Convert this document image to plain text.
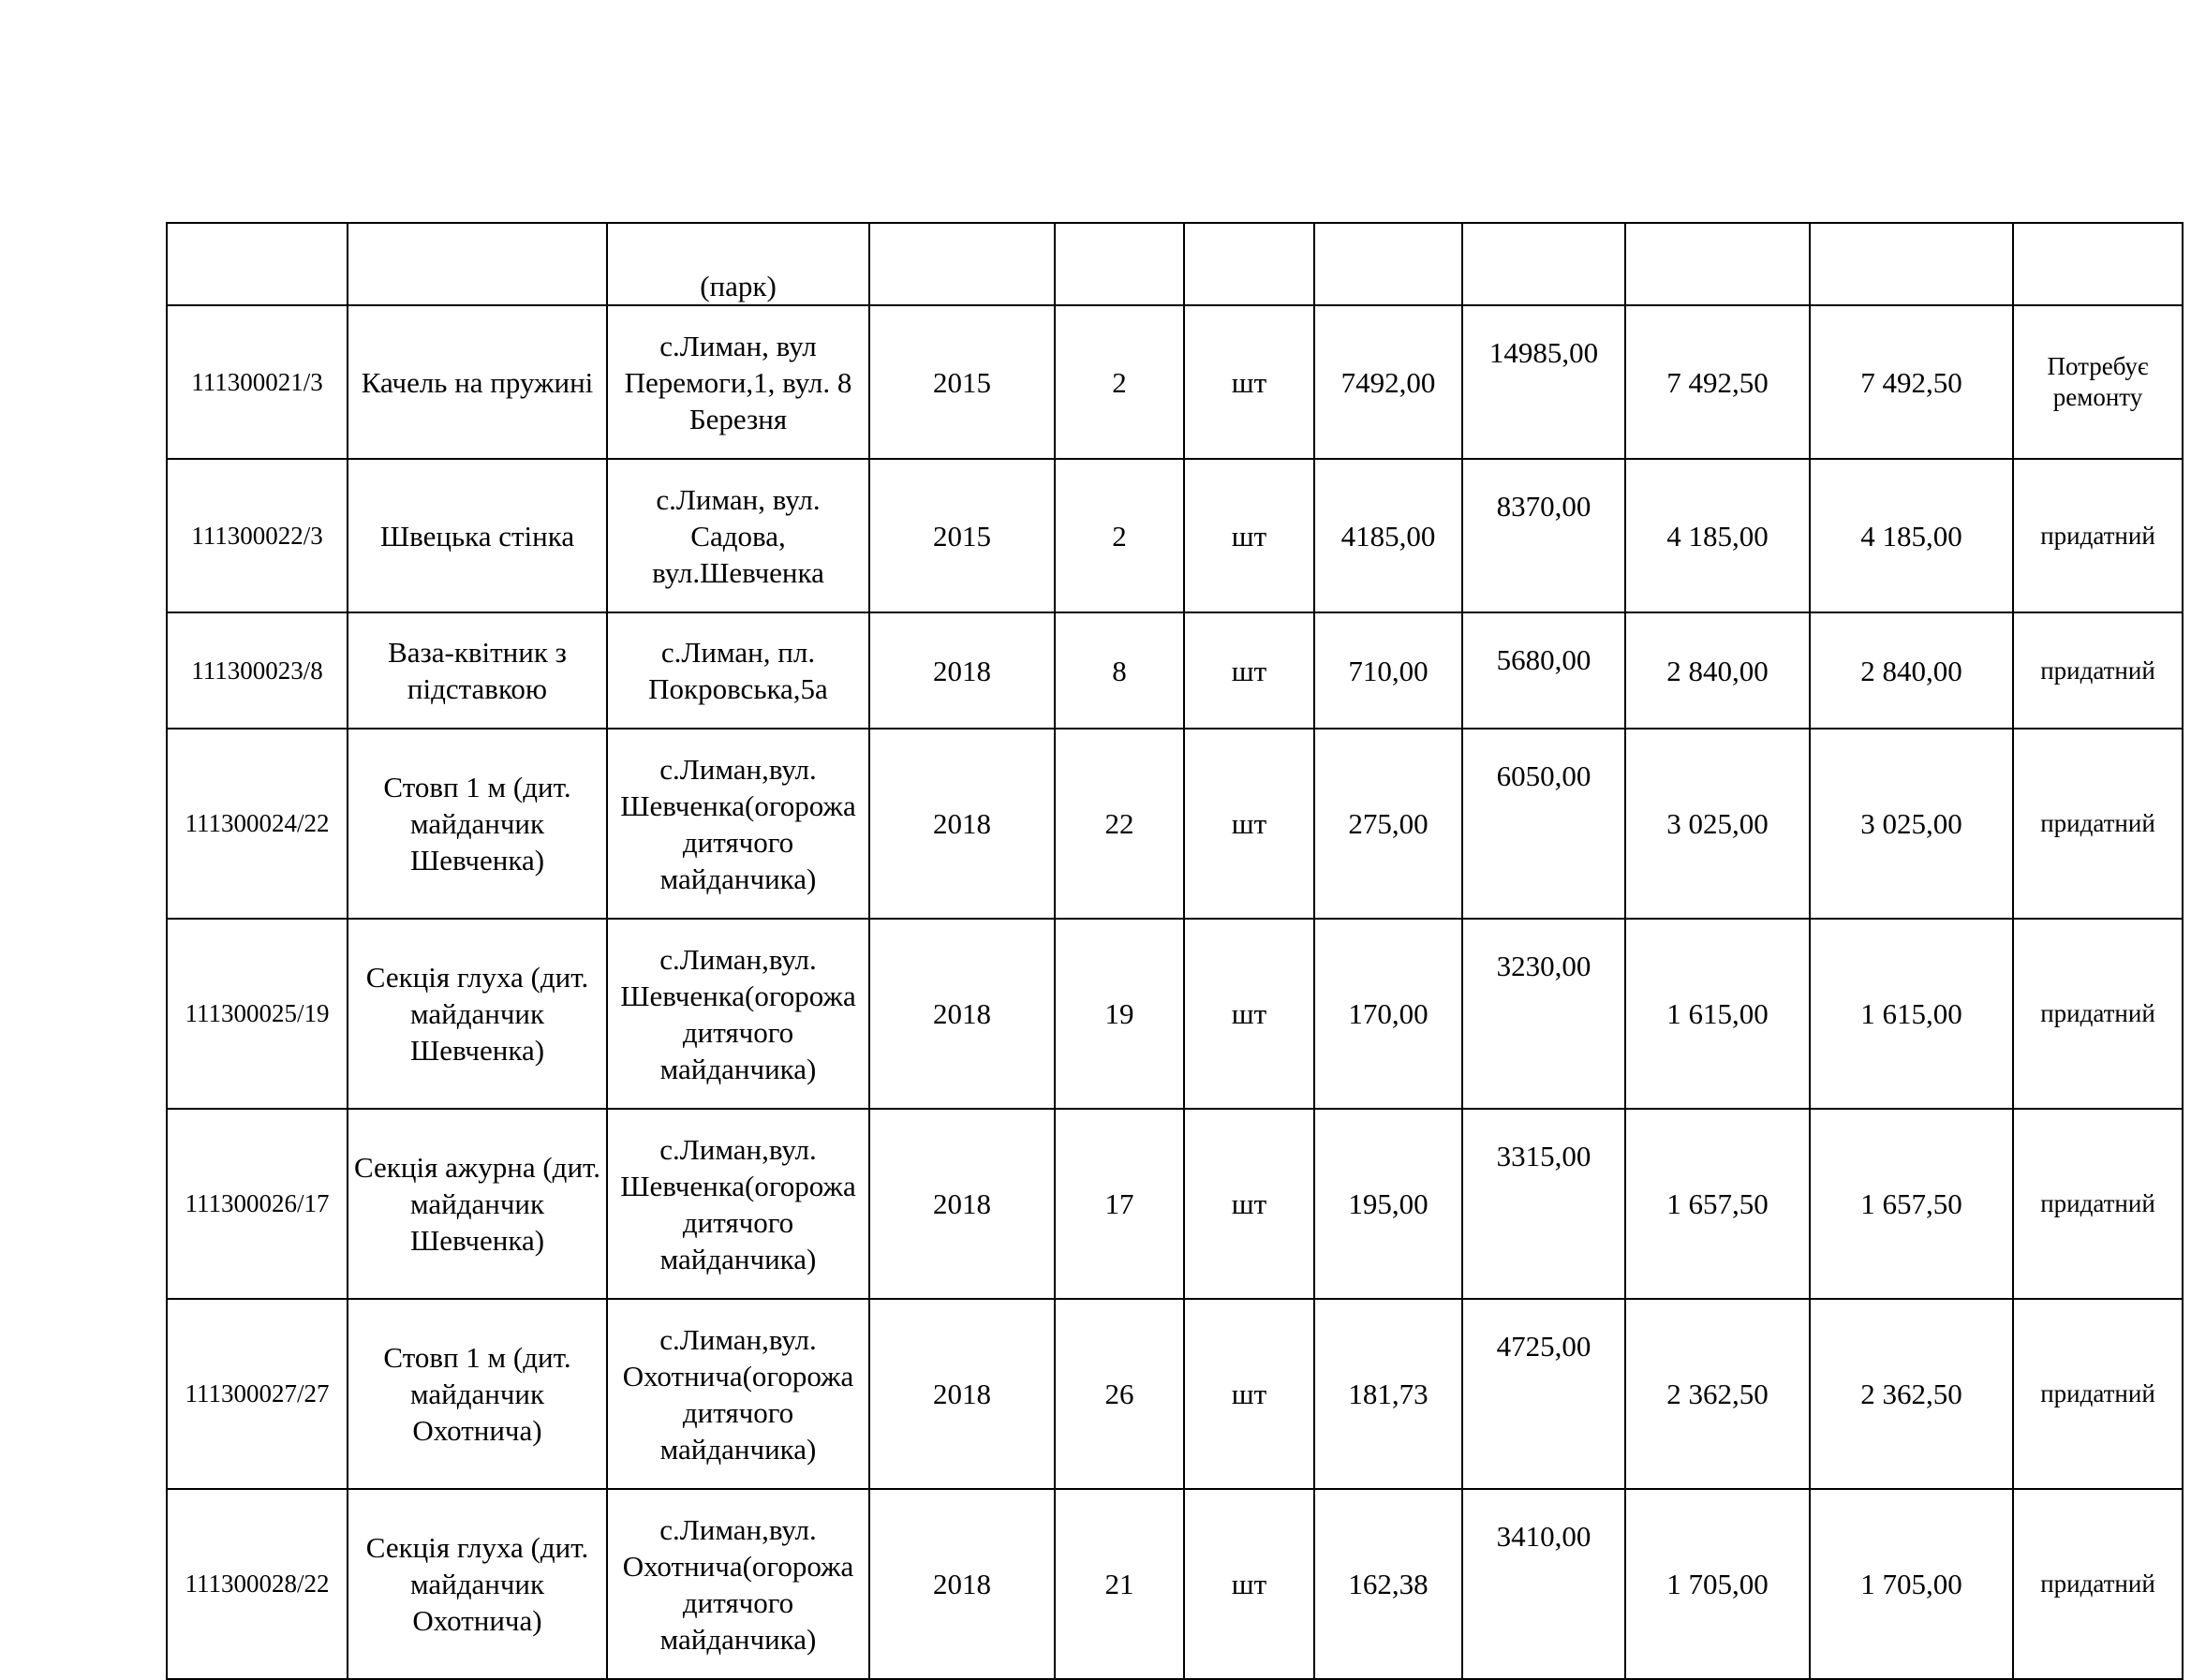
		(парк)								
111300021/3	Качель на пружині	с.Лиман, вул Перемоги,1, вул. 8 Березня	2015	2	шт	7492,00	14985,00	7 492,50	7 492,50	Потребує ремонту
111300022/3	Швецька стінка	с.Лиман, вул. Садова, вул.Шевченка	2015	2	шт	4185,00	8370,00	4 185,00	4 185,00	придатний
111300023/8	Ваза-квітник з підставкою	с.Лиман, пл. Покровська,5а	2018	8	шт	710,00	5680,00	2 840,00	2 840,00	придатний
111300024/22	Стовп 1 м (дит. майданчик Шевченка)	с.Лиман,вул. Шевченка(огорожа дитячого майданчика)	2018	22	шт	275,00	6050,00	3 025,00	3 025,00	придатний
111300025/19	Секція глуха (дит. майданчик Шевченка)	с.Лиман,вул. Шевченка(огорожа дитячого майданчика)	2018	19	шт	170,00	3230,00	1 615,00	1 615,00	придатний
111300026/17	Секція ажурна (дит. майданчик Шевченка)	с.Лиман,вул. Шевченка(огорожа дитячого майданчика)	2018	17	шт	195,00	3315,00	1 657,50	1 657,50	придатний
111300027/27	Стовп 1 м (дит. майданчик Охотнича)	с.Лиман,вул. Охотнича(огорожа дитячого майданчика)	2018	26	шт	181,73	4725,00	2 362,50	2 362,50	придатний
111300028/22	Секція глуха (дит. майданчик Охотнича)	с.Лиман,вул. Охотнича(огорожа дитячого майданчика)	2018	21	шт	162,38	3410,00	1 705,00	1 705,00	придатний
